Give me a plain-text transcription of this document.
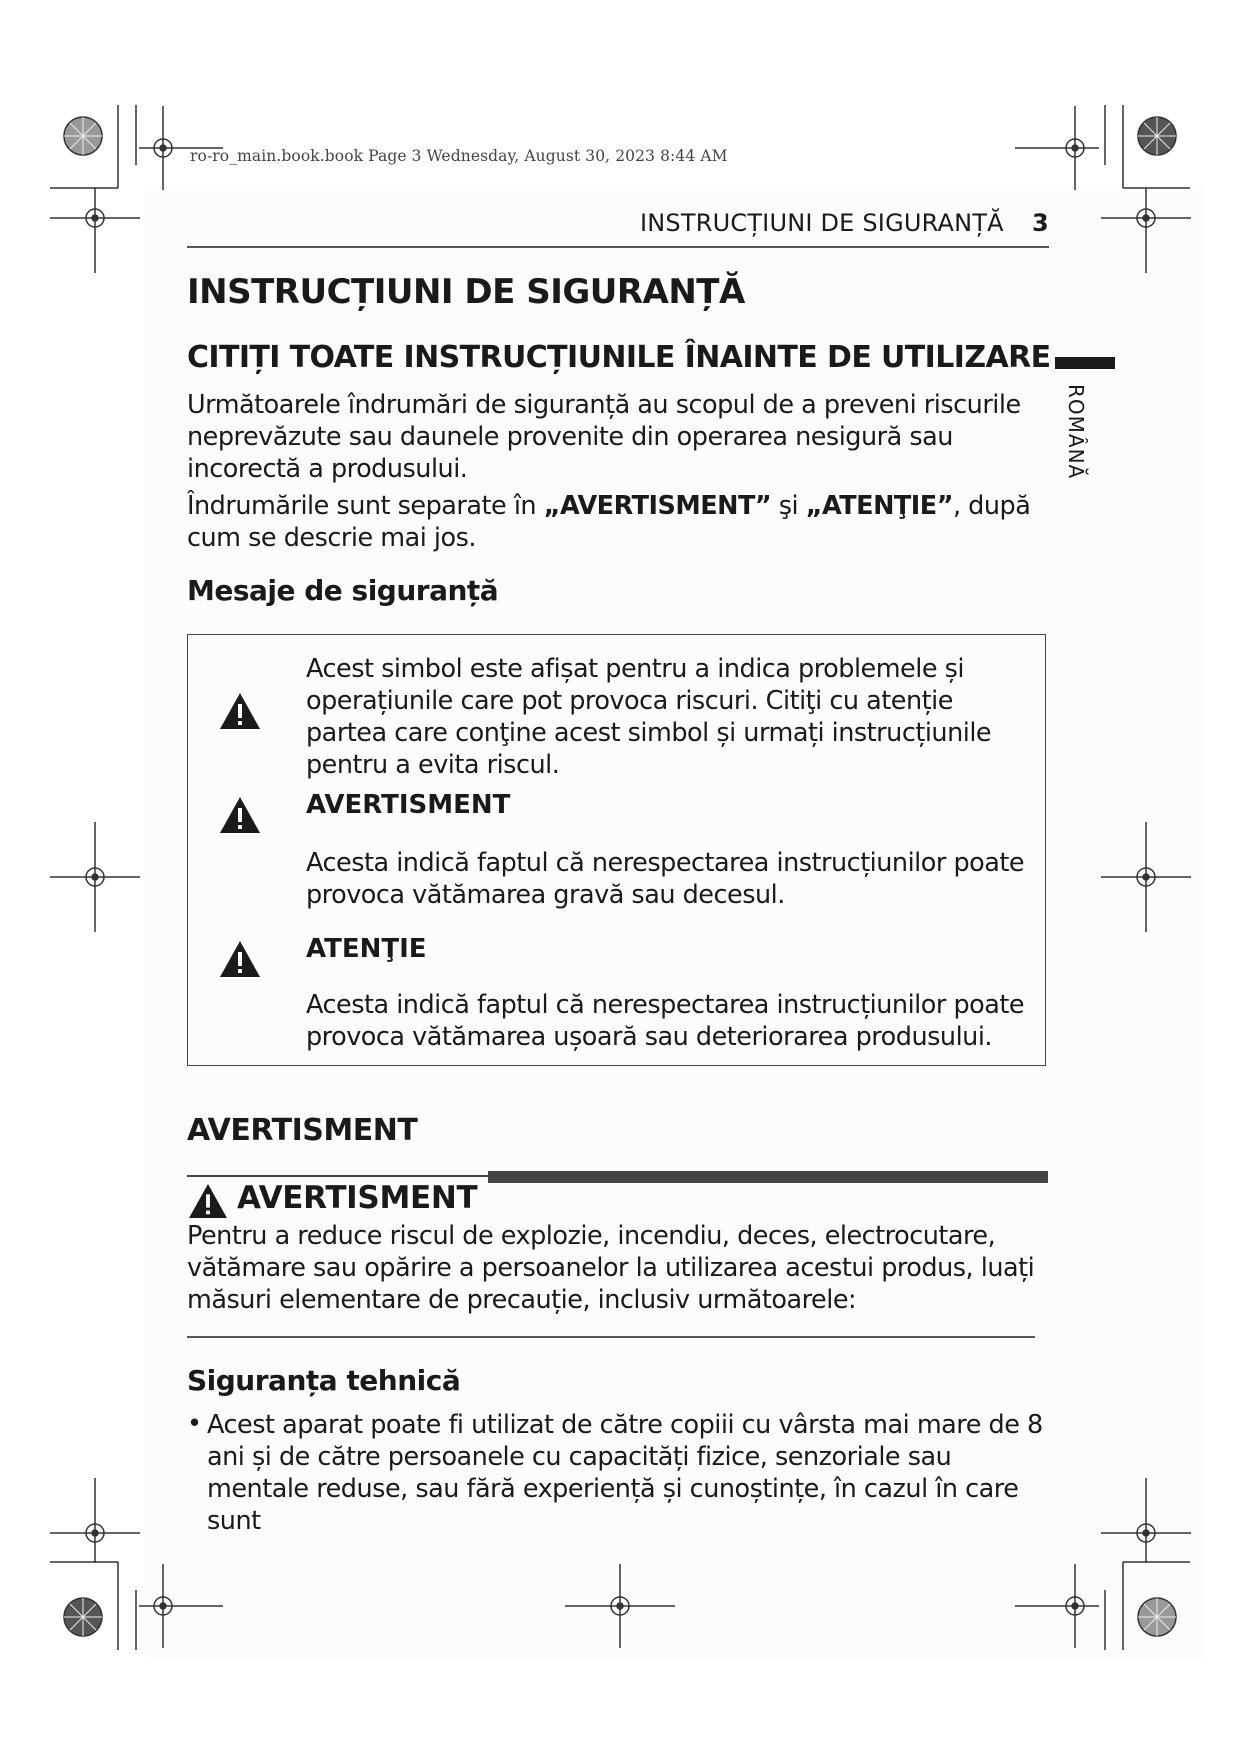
ro-ro_main.book.book Page 3 Wednesday, August 30, 2023 8:44 AM
INSTRUCȚIUNI DE SIGURANȚĂ 3
ROMÂNĂ
INSTRUCȚIUNI DE SIGURANȚĂ
CITIȚI TOATE INSTRUCȚIUNILE ÎNAINTE DE UTILIZARE
Următoarele îndrumări de siguranță au scopul de a preveni riscurile neprevăzute sau daunele provenite din operarea nesigură sau incorectă a produsului.
Îndrumările sunt separate în „AVERTISMENT” şi „ATENŢIE”, după cum se descrie mai jos.
Mesaje de siguranță
Acest simbol este afișat pentru a indica problemele și operațiunile care pot provoca riscuri. Citiţi cu atenție partea care conţine acest simbol și urmați instrucțiunile pentru a evita riscul.
AVERTISMENT
Acesta indică faptul că nerespectarea instrucțiunilor poate provoca vătămarea gravă sau decesul.
ATENŢIE
Acesta indică faptul că nerespectarea instrucțiunilor poate provoca vătămarea ușoară sau deteriorarea produsului.
AVERTISMENT
AVERTISMENT
Pentru a reduce riscul de explozie, incendiu, deces, electrocutare, vătămare sau opărire a persoanelor la utilizarea acestui produs, luați măsuri elementare de precauție, inclusiv următoarele:
Siguranța tehnică
• Acest aparat poate fi utilizat de către copiii cu vârsta mai mare de 8 ani și de către persoanele cu capacități fizice, senzoriale sau mentale reduse, sau fără experiență și cunoștințe, în cazul în care sunt
